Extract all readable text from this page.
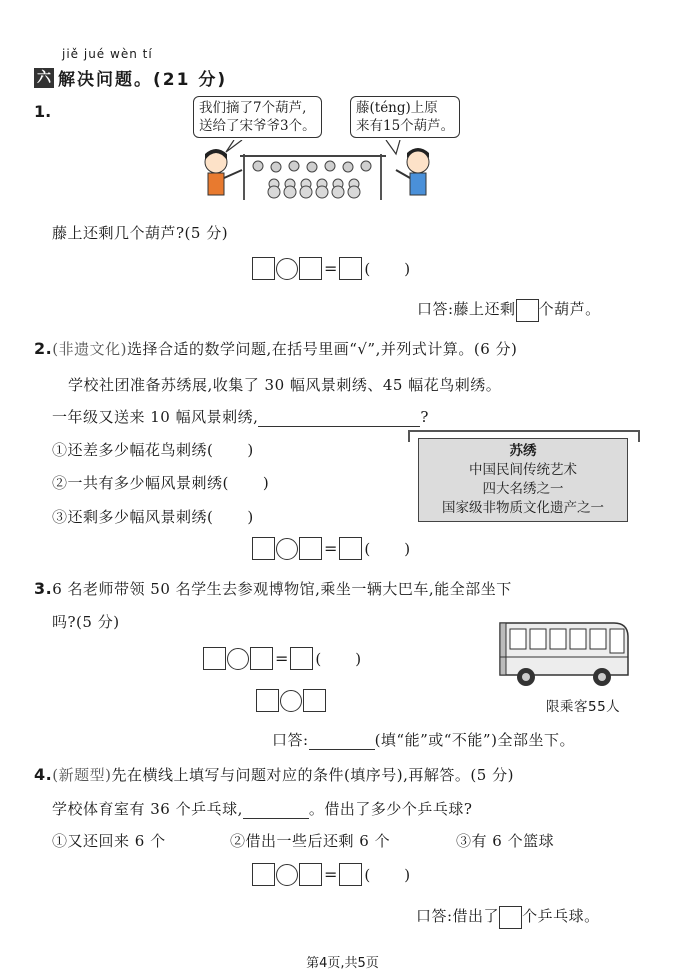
jiě jué wèn tí
六 解决问题。(21 分)
1.	我们摘了7个葫芦,
送给了宋爷爷3个。
藤(téng)上原
来有15个葫芦。
藤上还剩几个葫芦?(5 分)
= ( )
口答:藤上还剩 个葫芦。
2.(非遗文化)选择合适的数学问题,在括号里画“√”,并列式计算。(6 分)
学校社团准备苏绣展,收集了 30 幅风景刺绣、45 幅花鸟刺绣。
一年级又送来 10 幅风景刺绣,	?
①还差多少幅花鸟刺绣( )
②一共有多少幅风景刺绣( )
③还剩多少幅风景刺绣( )
苏绣
中国民间传统艺术
四大名绣之一
国家级非物质文化遗产之一
= ( )
3.6 名老师带领 50 名学生去参观博物馆,乘坐一辆大巴车,能全部坐下
吗?(5 分)
= ( )
限乘客55人
口答:	(填“能”或“不能”)全部坐下。
4.(新题型)先在横线上填写与问题对应的条件(填序号),再解答。(5 分)
学校体育室有 36 个乒乓球,	。借出了多少个乒乓球?
①又还回来 6 个	②借出一些后还剩 6 个	③有 6 个篮球
= ( )
口答:借出了 个乒乓球。
第4页,共5页
